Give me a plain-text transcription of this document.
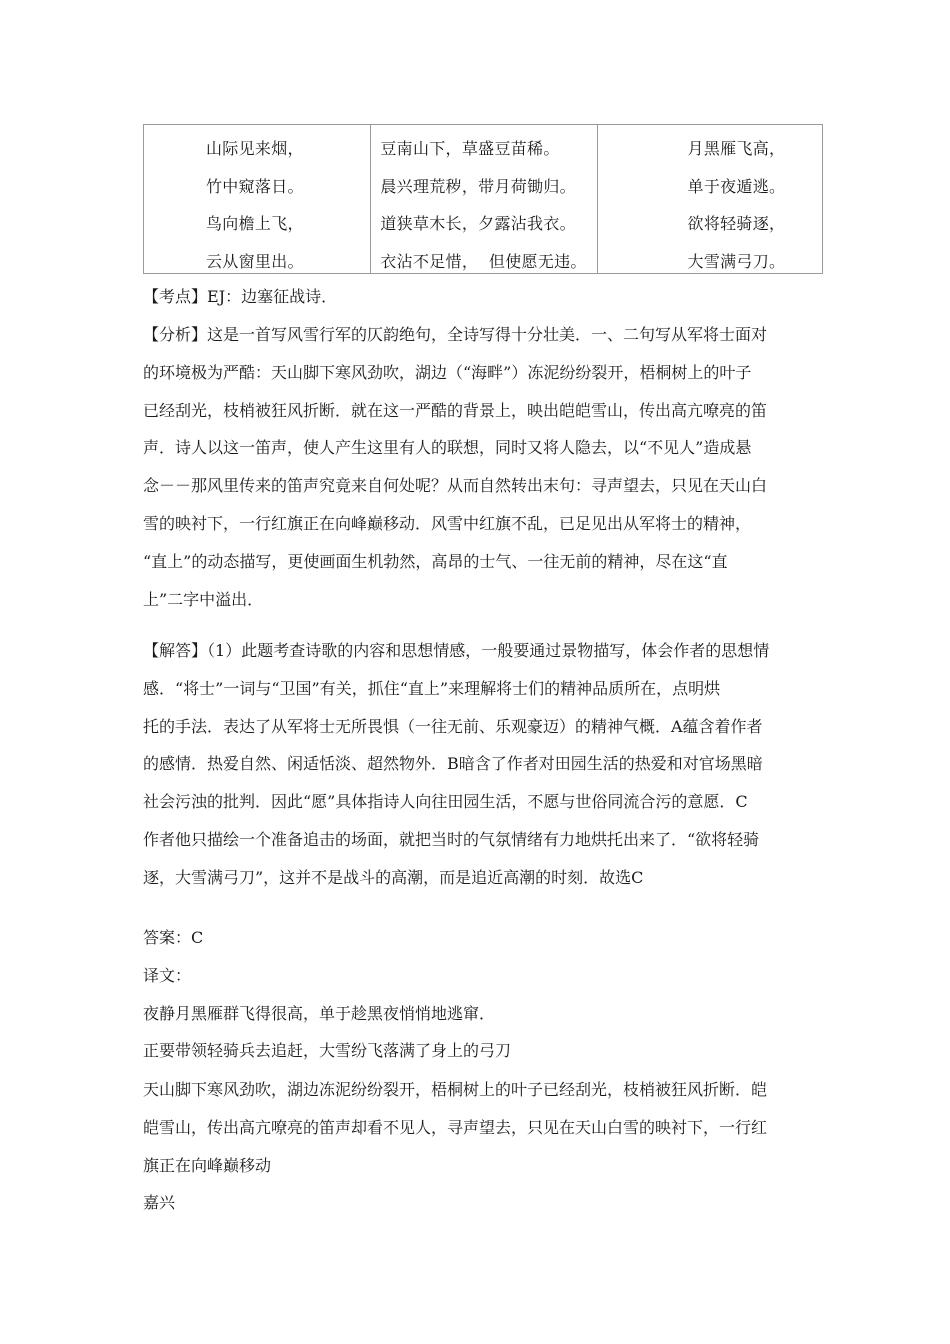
山际见来烟，
竹中窥落日。
鸟向檐上飞，
云从窗里出。
豆南山下，草盛豆苗稀。
晨兴理荒秽，带月荷锄归。
道狭草木长，夕露沾我衣。
衣沾不足惜，  但使愿无违。
月黑雁飞高，
单于夜遁逃。
欲将轻骑逐，
大雪满弓刀。

【考点】EJ：边塞征战诗．

【分析】这是一首写风雪行军的仄韵绝句，全诗写得十分壮美．一、二句写从军将士面对
的环境极为严酷：天山脚下寒风劲吹，湖边（“海畔”）冻泥纷纷裂开，梧桐树上的叶子
已经刮光，枝梢被狂风折断．就在这一严酷的背景上，映出皑皑雪山，传出高亢嘹亮的笛
声．诗人以这一笛声，使人产生这里有人的联想，同时又将人隐去，以“不见人”造成悬
念－－那风里传来的笛声究竟来自何处呢？从而自然转出末句：寻声望去，只见在天山白
雪的映衬下，一行红旗正在向峰巅移动．风雪中红旗不乱，已足见出从军将士的精神，
“直上”的动态描写，更使画面生机勃然，高昂的士气、一往无前的精神，尽在这“直
上”二字中溢出．

【解答】（1）此题考查诗歌的内容和思想情感，一般要通过景物描写，体会作者的思想情
感．“将士”一词与“卫国”有关，抓住“直上”来理解将士们的精神品质所在，点明烘
托的手法．表达了从军将士无所畏惧（一往无前、乐观豪迈）的精神气概．A蕴含着作者
的感情．热爱自然、闲适恬淡、超然物外．B暗含了作者对田园生活的热爱和对官场黑暗
社会污浊的批判．因此“愿”具体指诗人向往田园生活，不愿与世俗同流合污的意愿．C
作者他只描绘一个准备追击的场面，就把当时的气氛情绪有力地烘托出来了．“欲将轻骑
逐，大雪满弓刀”，这并不是战斗的高潮，而是追近高潮的时刻．故选C

答案：C
译文：
夜静月黑雁群飞得很高，单于趁黑夜悄悄地逃窜．
正要带领轻骑兵去追赶，大雪纷飞落满了身上的弓刀

天山脚下寒风劲吹，湖边冻泥纷纷裂开，梧桐树上的叶子已经刮光，枝梢被狂风折断．皑
皑雪山，传出高亢嘹亮的笛声却看不见人，寻声望去，只见在天山白雪的映衬下，一行红
旗正在向峰巅移动
嘉兴
